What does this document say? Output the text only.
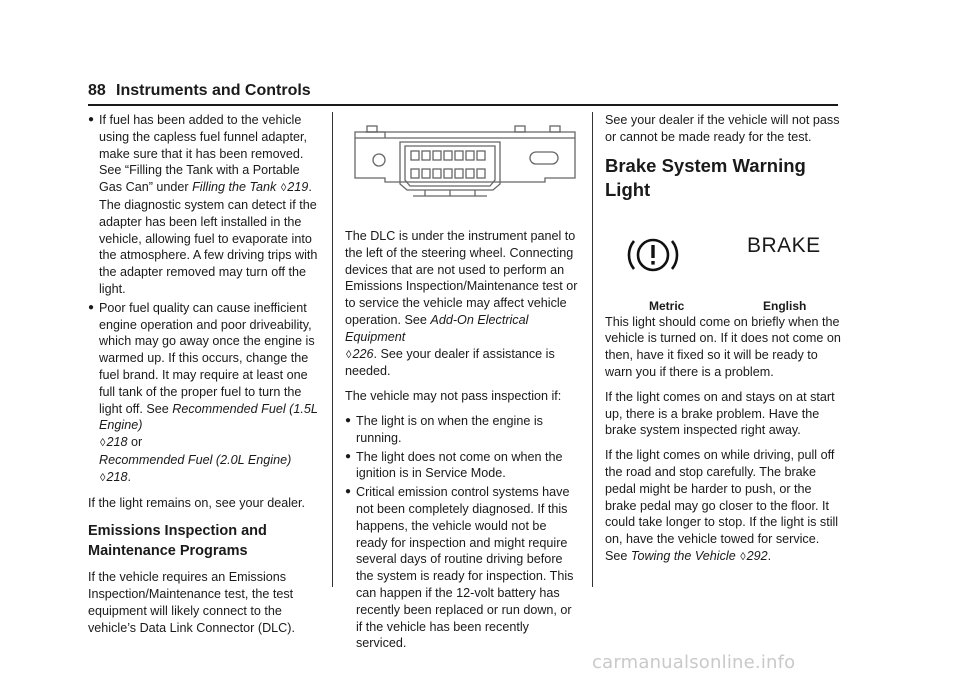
88 Instruments and Controls
● If fuel has been added to the vehicle using the capless fuel funnel adapter, make sure that it has been removed. See “Filling the Tank with a Portable Gas Can” under Filling the Tank ◊219. The diagnostic system can detect if the adapter has been left installed in the vehicle, allowing fuel to evaporate into the atmosphere. A few driving trips with the adapter removed may turn off the light.
● Poor fuel quality can cause inefficient engine operation and poor driveability, which may go away once the engine is warmed up. If this occurs, change the fuel brand. It may require at least one full tank of the proper fuel to turn the light off. See Recommended Fuel (1.5L Engine)
◊218 or
Recommended Fuel (2.0L Engine) ◊218.

If the light remains on, see your dealer.

Emissions Inspection and Maintenance Programs

If the vehicle requires an Emissions Inspection/Maintenance test, the test equipment will likely connect to the vehicle’s Data Link Connector (DLC).

The DLC is under the instrument panel to the left of the steering wheel. Connecting devices that are not used to perform an Emissions Inspection/Maintenance test or to service the vehicle may affect vehicle operation. See Add-On Electrical Equipment
◊226. See your dealer if assistance is needed.

The vehicle may not pass inspection if:

● The light is on when the engine is running.
● The light does not come on when the ignition is in Service Mode.
● Critical emission control systems have not been completely diagnosed. If this happens, the vehicle would not be ready for inspection and might require several days of routine driving before the system is ready for inspection. This can happen if the 12-volt battery has recently been replaced or run down, or if the vehicle has been recently serviced.

See your dealer if the vehicle will not pass or cannot be made ready for the test.

Brake System Warning Light
BRAKE
Metric	English

This light should come on briefly when the vehicle is turned on. If it does not come on then, have it fixed so it will be ready to warn you if there is a problem.

If the light comes on and stays on at start up, there is a brake problem. Have the brake system inspected right away.

If the light comes on while driving, pull off the road and stop carefully. The brake pedal might be harder to push, or the brake pedal may go closer to the floor. It could take longer to stop. If the light is still on, have the vehicle towed for service. See Towing the Vehicle ◊292.

carmanualsonline.info
